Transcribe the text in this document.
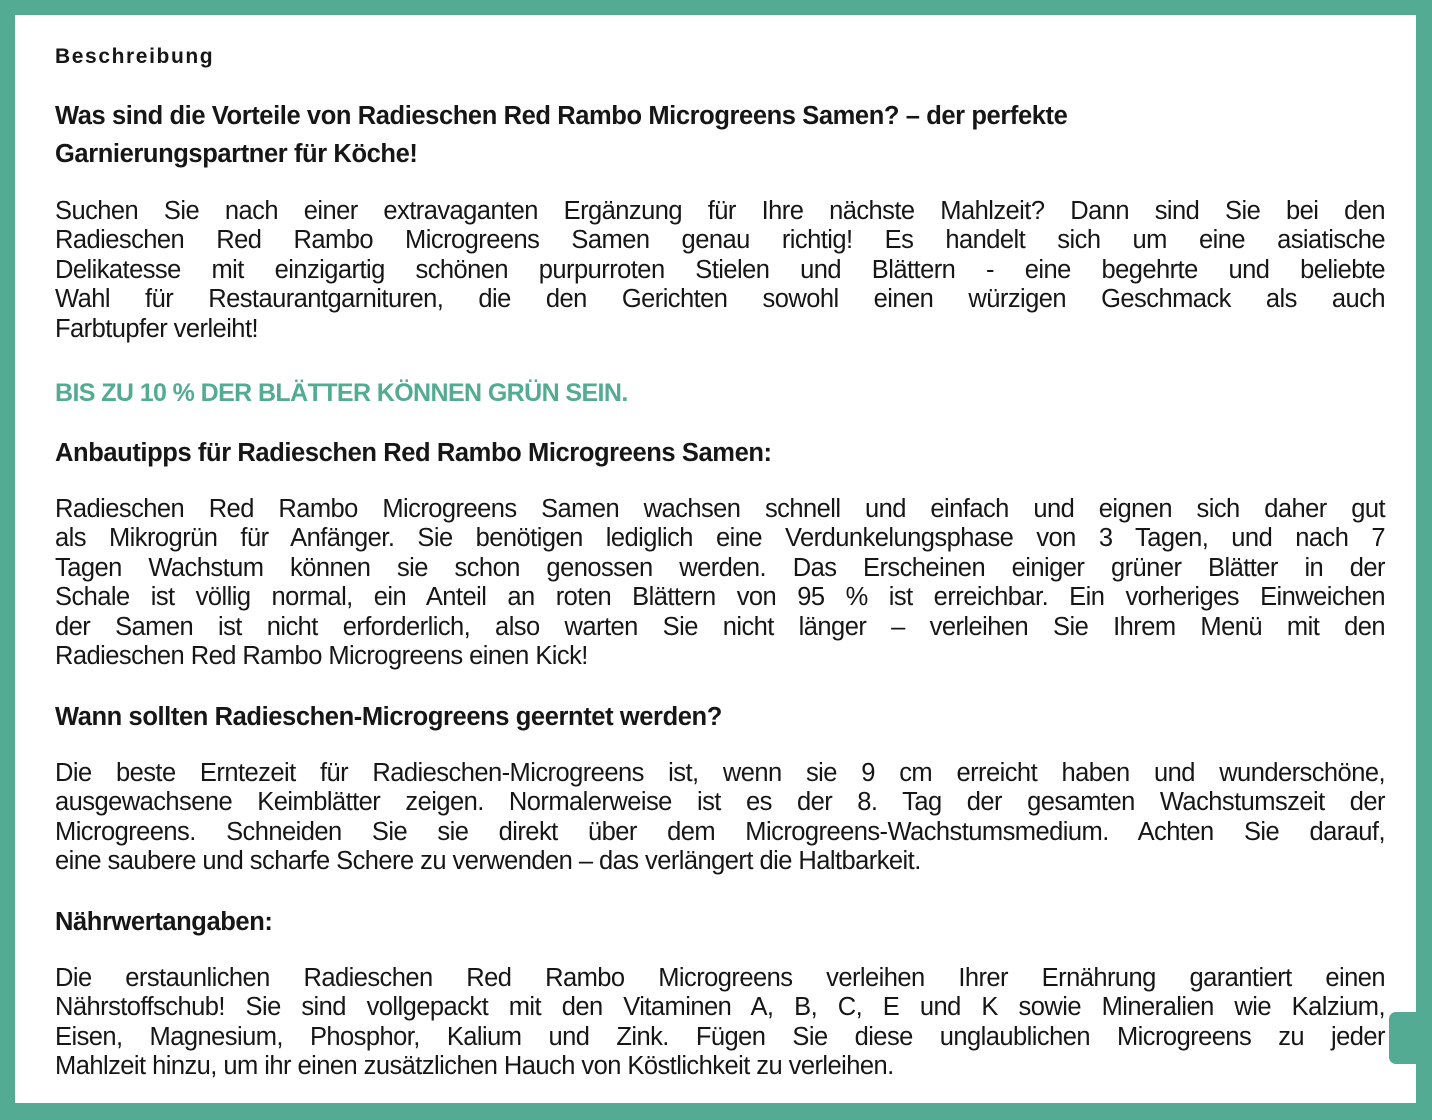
Beschreibung
Was sind die Vorteile von Radieschen Red Rambo Microgreens Samen? – der perfekte
Garnierungspartner für Köche!
Suchen Sie nach einer extravaganten Ergänzung für Ihre nächste Mahlzeit? Dann sind Sie bei den
Radieschen Red Rambo Microgreens Samen genau richtig! Es handelt sich um eine asiatische
Delikatesse mit einzigartig schönen purpurroten Stielen und Blättern - eine begehrte und beliebte
Wahl für Restaurantgarnituren, die den Gerichten sowohl einen würzigen Geschmack als auch
Farbtupfer verleiht!
BIS ZU 10 % DER BLÄTTER KÖNNEN GRÜN SEIN.
Anbautipps für Radieschen Red Rambo Microgreens Samen:
Radieschen Red Rambo Microgreens Samen wachsen schnell und einfach und eignen sich daher gut
als Mikrogrün für Anfänger. Sie benötigen lediglich eine Verdunkelungsphase von 3 Tagen, und nach 7
Tagen Wachstum können sie schon genossen werden. Das Erscheinen einiger grüner Blätter in der
Schale ist völlig normal, ein Anteil an roten Blättern von 95 % ist erreichbar. Ein vorheriges Einweichen
der Samen ist nicht erforderlich, also warten Sie nicht länger – verleihen Sie Ihrem Menü mit den
Radieschen Red Rambo Microgreens einen Kick!
Wann sollten Radieschen-Microgreens geerntet werden?
Die beste Erntezeit für Radieschen-Microgreens ist, wenn sie 9 cm erreicht haben und wunderschöne,
ausgewachsene Keimblätter zeigen. Normalerweise ist es der 8. Tag der gesamten Wachstumszeit der
Microgreens. Schneiden Sie sie direkt über dem Microgreens-Wachstumsmedium. Achten Sie darauf,
eine saubere und scharfe Schere zu verwenden – das verlängert die Haltbarkeit.
Nährwertangaben:
Die erstaunlichen Radieschen Red Rambo Microgreens verleihen Ihrer Ernährung garantiert einen
Nährstoffschub! Sie sind vollgepackt mit den Vitaminen A, B, C, E und K sowie Mineralien wie Kalzium,
Eisen, Magnesium, Phosphor, Kalium und Zink. Fügen Sie diese unglaublichen Microgreens zu jeder
Mahlzeit hinzu, um ihr einen zusätzlichen Hauch von Köstlichkeit zu verleihen.
